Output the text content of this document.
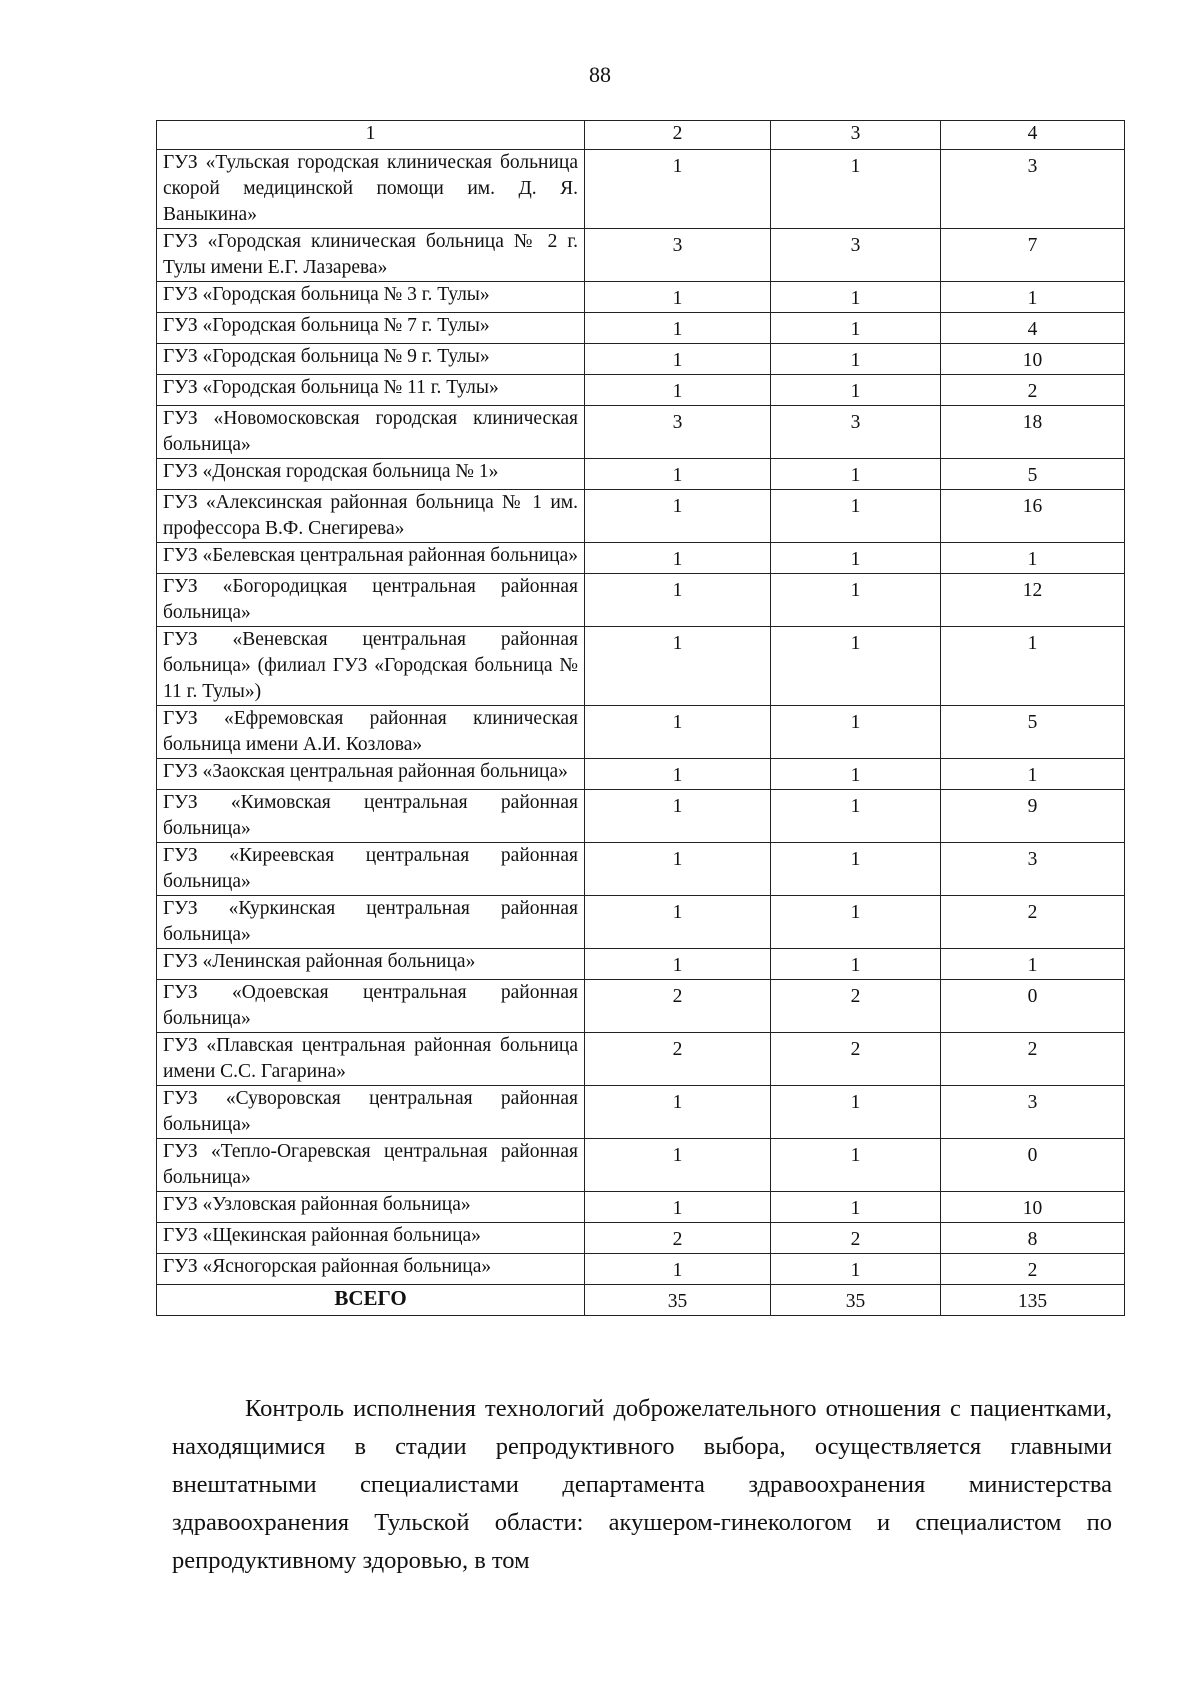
88
1	2	3	4
ГУЗ «Тульская городская клиническая больница скорой медицинской помощи им. Д. Я. Ваныкина»	1	1	3
ГУЗ «Городская клиническая больница № 2 г. Тулы имени Е.Г. Лазарева»	3	3	7
ГУЗ «Городская больница № 3 г. Тулы»	1	1	1
ГУЗ «Городская больница № 7 г. Тулы»	1	1	4
ГУЗ «Городская больница № 9 г. Тулы»	1	1	10
ГУЗ «Городская больница № 11 г. Тулы»	1	1	2
ГУЗ «Новомосковская городская клиническая больница»	3	3	18
ГУЗ «Донская городская больница № 1»	1	1	5
ГУЗ «Алексинская районная больница № 1 им. профессора В.Ф. Снегирева»	1	1	16
ГУЗ «Белевская центральная районная больница»	1	1	1
ГУЗ «Богородицкая центральная районная больница»	1	1	12
ГУЗ «Веневская центральная районная больница» (филиал ГУЗ «Городская больница № 11 г. Тулы»)	1	1	1
ГУЗ «Ефремовская районная клиническая больница имени А.И. Козлова»	1	1	5
ГУЗ «Заокская центральная районная больница»	1	1	1
ГУЗ «Кимовская центральная районная больница»	1	1	9
ГУЗ «Киреевская центральная районная больница»	1	1	3
ГУЗ «Куркинская центральная районная больница»	1	1	2
ГУЗ «Ленинская районная больница»	1	1	1
ГУЗ «Одоевская центральная районная больница»	2	2	0
ГУЗ «Плавская центральная районная больница имени С.С. Гагарина»	2	2	2
ГУЗ «Суворовская центральная районная больница»	1	1	3
ГУЗ «Тепло-Огаревская центральная районная больница»	1	1	0
ГУЗ «Узловская районная больница»	1	1	10
ГУЗ «Щекинская районная больница»	2	2	8
ГУЗ «Ясногорская районная больница»	1	1	2
ВСЕГО	35	35	135
Контроль исполнения технологий доброжелательного отношения с пациентками, находящимися в стадии репродуктивного выбора, осуществляется главными внештатными специалистами департамента здравоохранения министерства здравоохранения Тульской области: акушером-гинекологом и специалистом по репродуктивному здоровью, в том
